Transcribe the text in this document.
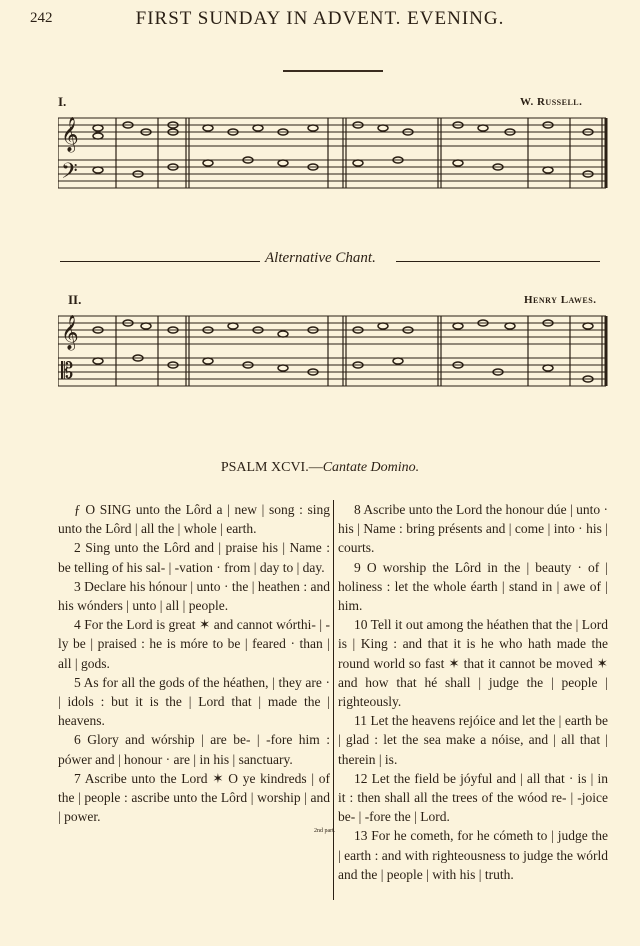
242	FIRST SUNDAY IN ADVENT. EVENING.
I.	W. Russell.
𝄞
𝄢
Alternative Chant.
II.	Henry Lawes.
𝄞
𝄡
PSALM XCVI.—Cantate Domino.

ƒ O SING unto the Lôrd a | new | song : sing unto the Lôrd | all the | whole | earth.

2 Sing unto the Lôrd and | praise his | Name : be telling of his sal- | -vation · from | day to | day.

3 Declare his hónour | unto · the | heathen : and his wónders | unto | all | people.

4 For the Lord is great ✶ and cannot wórthi- | -ly be | praised : he is móre to be | feared · than | all | gods.

5 As for all the gods of the héathen, | they are · | idols : but it is the | Lord that | made the | heavens.

6 Glory and wórship | are be- | -fore him : pówer and | honour · are | in his | sanctuary.

7 Ascribe unto the Lord ✶ O ye kindreds | of the | people : ascribe unto the Lôrd | worship | and | power.

8 Ascribe unto the Lord the honour dúe | unto · his | Name : bring présents and | come | into · his | courts.

9 O worship the Lôrd in the | beauty · of | holiness : let the whole éarth | stand in | awe of | him.

10 Tell it out among the héathen that the | Lord is | King : and that it is he who hath made the round world so fast ✶ that it cannot be moved ✶ and how that hé shall | judge the | people | righteously.

11 Let the heavens rejóice and let the | earth be | glad : let the sea make a nóise, and | all that | therein | is.

12 Let the field be jóyful and | all that · is | in it : then shall all the trees of the wóod re- | -joice be- | -fore the | Lord.

13 For he cometh, for he cómeth to | judge the | earth : and with righteousness to judge the wórld and the | people | with his | truth.

2nd part.
